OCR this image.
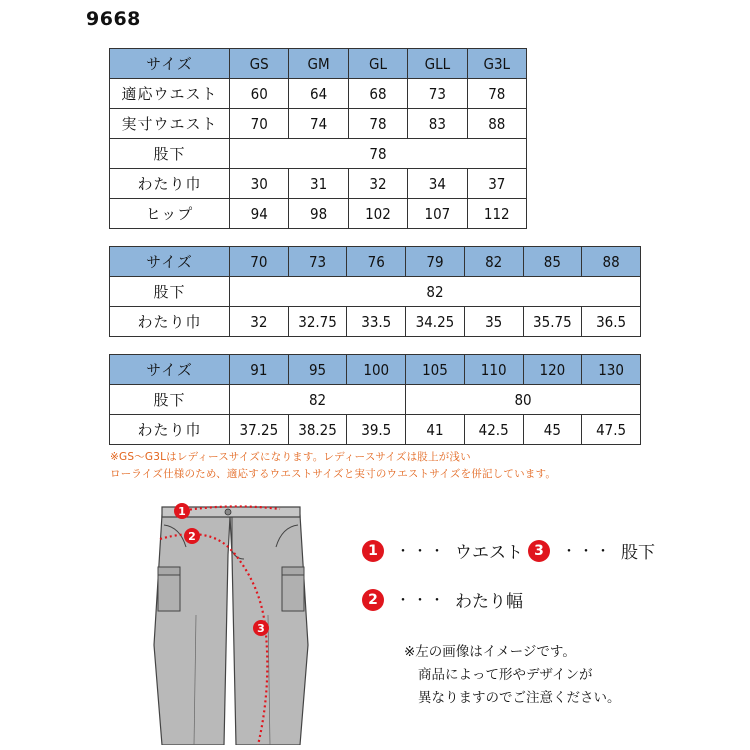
9668
サイズ	GS	GM	GL	GLL	G3L
適応ウエスト	60	64	68	73	78
実寸ウエスト	70	74	78	83	88
股下	78				
わたり巾	30	31	32	34	37
ヒップ	94	98	102	107	112
サイズ	70	73	76	79	82	85	88
股下	82						
わたり巾	32	32.75	33.5	34.25	35	35.75	36.5
サイズ	91	95	100	105	110	120	130
股下	82			80			
わたり巾	37.25	38.25	39.5	41	42.5	45	47.5
※GS～G3Lはレディースサイズになります。レディースサイズは股上が浅い
ローライズ仕様のため、適応するウエストサイズと実寸のウエストサイズを併記しています。
1
2
3
1	・・・ ウエスト 3	・・・ 股下
2	・・・ わたり幅
※左の画像はイメージです。
商品によって形やデザインが
異なりますのでご注意ください。
